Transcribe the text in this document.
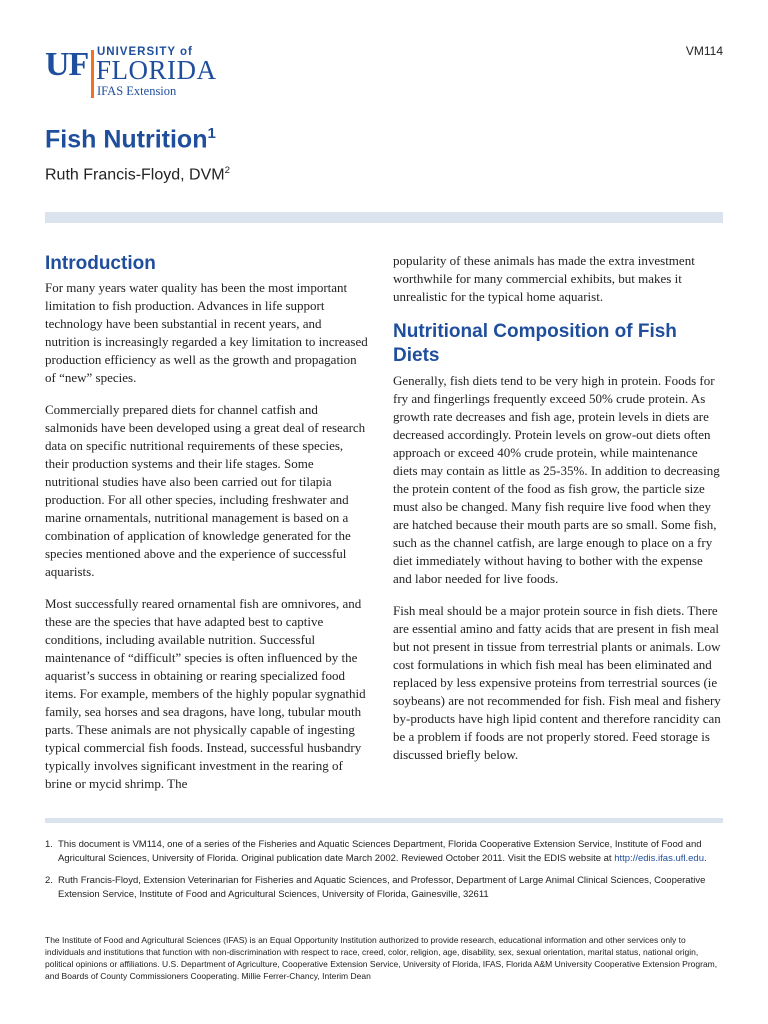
UF UNIVERSITY of
FLORIDA
IFAS Extension
VM114
Fish Nutrition$^1$
Ruth Francis-Floyd, DVM$^2$
Introduction

For many years water quality has been the most important limitation to fish production. Advances in life support technology have been substantial in recent years, and nutrition is increasingly regarded a key limitation to increased production efficiency as well as the growth and propagation of “new” species.

Commercially prepared diets for channel catfish and salmonids have been developed using a great deal of research data on specific nutritional requirements of these species, their production systems and their life stages. Some nutritional studies have also been carried out for tilapia production. For all other species, including freshwater and marine ornamentals, nutritional management is based on a combination of application of knowledge generated for the species mentioned above and the experience of successful aquarists.

Most successfully reared ornamental fish are omnivores, and these are the species that have adapted best to captive conditions, including available nutrition. Successful maintenance of “difficult” species is often influenced by the aquarist’s success in obtaining or rearing specialized food items. For example, members of the highly popular sygnathid family, sea horses and sea dragons, have long, tubular mouth parts. These animals are not physically capable of ingesting typical commercial fish foods. Instead, successful husbandry typically involves significant investment in the rearing of brine or mycid shrimp. The

popularity of these animals has made the extra investment worthwhile for many commercial exhibits, but makes it unrealistic for the typical home aquarist.

Nutritional Composition of Fish Diets

Generally, fish diets tend to be very high in protein. Foods for fry and fingerlings frequently exceed 50% crude protein. As growth rate decreases and fish age, protein levels in diets are decreased accordingly. Protein levels on grow-out diets often approach or exceed 40% crude protein, while maintenance diets may contain as little as 25-35%. In addition to decreasing the protein content of the food as fish grow, the particle size must also be changed. Many fish require live food when they are hatched because their mouth parts are so small. Some fish, such as the channel catfish, are large enough to place on a fry diet immediately without having to bother with the expense and labor needed for live foods.

Fish meal should be a major protein source in fish diets. There are essential amino and fatty acids that are present in fish meal but not present in tissue from terrestrial plants or animals. Low cost formulations in which fish meal has been eliminated and replaced by less expensive proteins from terrestrial sources (ie soybeans) are not recommended for fish. Fish meal and fishery by-products have high lipid content and therefore rancidity can be a problem if foods are not properly stored. Feed storage is discussed briefly below.

1. This document is VM114, one of a series of the Fisheries and Aquatic Sciences Department, Florida Cooperative Extension Service, Institute of Food and Agricultural Sciences, University of Florida. Original publication date March 2002. Reviewed October 2011. Visit the EDIS website at http://edis.ifas.ufl.edu.
2. Ruth Francis-Floyd, Extension Veterinarian for Fisheries and Aquatic Sciences, and Professor, Department of Large Animal Clinical Sciences, Cooperative Extension Service, Institute of Food and Agricultural Sciences, University of Florida, Gainesville, 32611
The Institute of Food and Agricultural Sciences (IFAS) is an Equal Opportunity Institution authorized to provide research, educational information and other services only to individuals and institutions that function with non-discrimination with respect to race, creed, color, religion, age, disability, sex, sexual orientation, marital status, national origin, political opinions or affiliations. U.S. Department of Agriculture, Cooperative Extension Service, University of Florida, IFAS, Florida A&M University Cooperative Extension Program, and Boards of County Commissioners Cooperating. Millie Ferrer-Chancy, Interim Dean
